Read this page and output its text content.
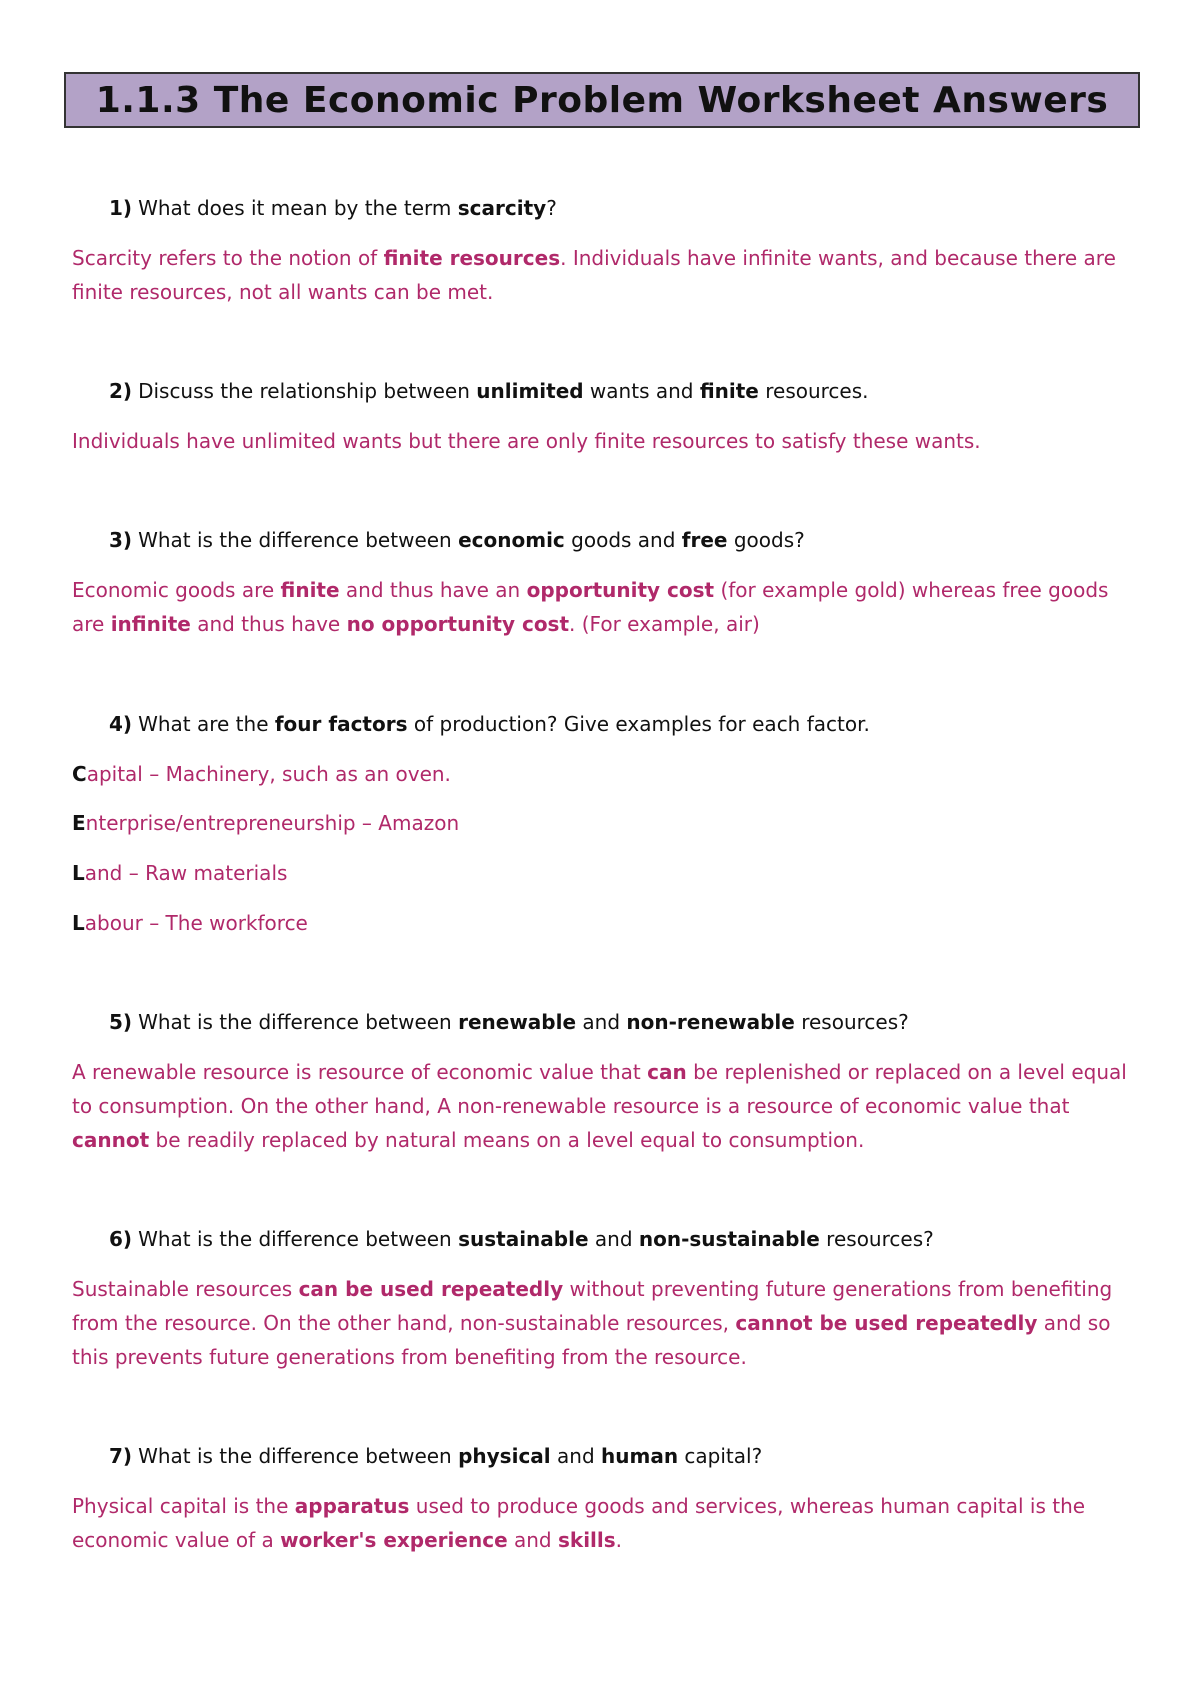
1.1.3 The Economic Problem Worksheet Answers
1) What does it mean by the term scarcity?

Scarcity refers to the notion of finite resources. Individuals have infinite wants, and because there are finite resources, not all wants can be met.

2) Discuss the relationship between unlimited wants and finite resources.

Individuals have unlimited wants but there are only finite resources to satisfy these wants.

3) What is the difference between economic goods and free goods?

Economic goods are finite and thus have an opportunity cost (for example gold) whereas free goods are infinite and thus have no opportunity cost. (For example, air)

4) What are the four factors of production? Give examples for each factor.
Capital – Machinery, such as an oven.
Enterprise/entrepreneurship – Amazon
Land – Raw materials
Labour – The workforce
5) What is the difference between renewable and non-renewable resources?

A renewable resource is resource of economic value that can be replenished or replaced on a level equal to consumption. On the other hand, A non-renewable resource is a resource of economic value that cannot be readily replaced by natural means on a level equal to consumption.

6) What is the difference between sustainable and non-sustainable resources?

Sustainable resources can be used repeatedly without preventing future generations from benefiting from the resource. On the other hand, non-sustainable resources, cannot be used repeatedly and so this prevents future generations from benefiting from the resource.

7) What is the difference between physical and human capital?

Physical capital is the apparatus used to produce goods and services, whereas human capital is the economic value of a worker's experience and skills.
